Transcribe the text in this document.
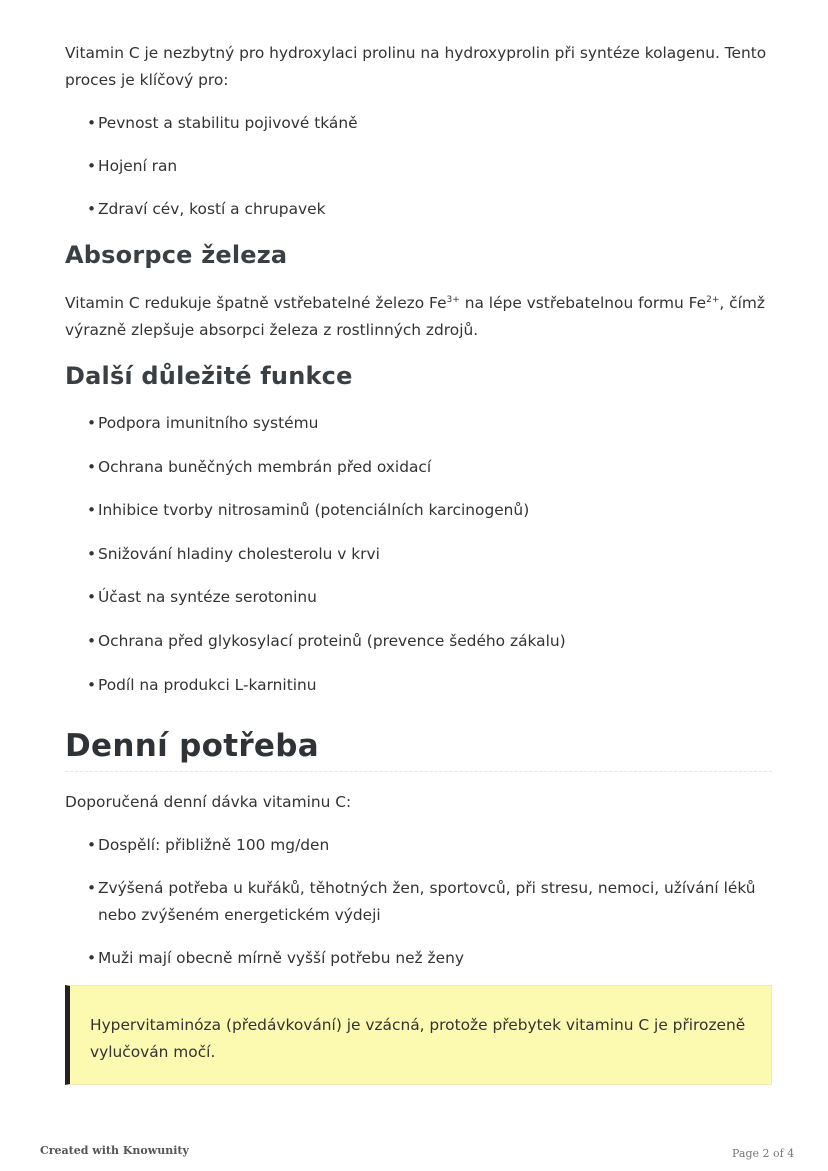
Vitamin C je nezbytný pro hydroxylaci prolinu na hydroxyprolin při syntéze kolagenu. Tento proces je klíčový pro:

• Pevnost a stabilitu pojivové tkáně
• Hojení ran
• Zdraví cév, kostí a chrupavek
Absorpce železa

Vitamin C redukuje špatně vstřebatelné železo $Fe^{3+}$ na lépe vstřebatelnou formu $Fe^{2+}$, čímž výrazně zlepšuje absorpci železa z rostlinných zdrojů.

Další důležité funkce
• Podpora imunitního systému
• Ochrana buněčných membrán před oxidací
• Inhibice tvorby nitrosaminů (potenciálních karcinogenů)
• Snižování hladiny cholesterolu v krvi
• Účast na syntéze serotoninu
• Ochrana před glykosylací proteinů (prevence šedého zákalu)
• Podíl na produkci L-karnitinu
Denní potřeba

Doporučená denní dávka vitaminu C:

• Dospělí: přibližně 100 mg/den
• Zvýšená potřeba u kuřáků, těhotných žen, sportovců, při stresu, nemoci, užívání léků nebo zvýšeném energetickém výdeji
• Muži mají obecně mírně vyšší potřebu než ženy

Hypervitaminóza (předávkování) je vzácná, protože přebytek vitaminu C je přirozeně vylučován močí.

Created with Knowunity	Page 2 of 4
